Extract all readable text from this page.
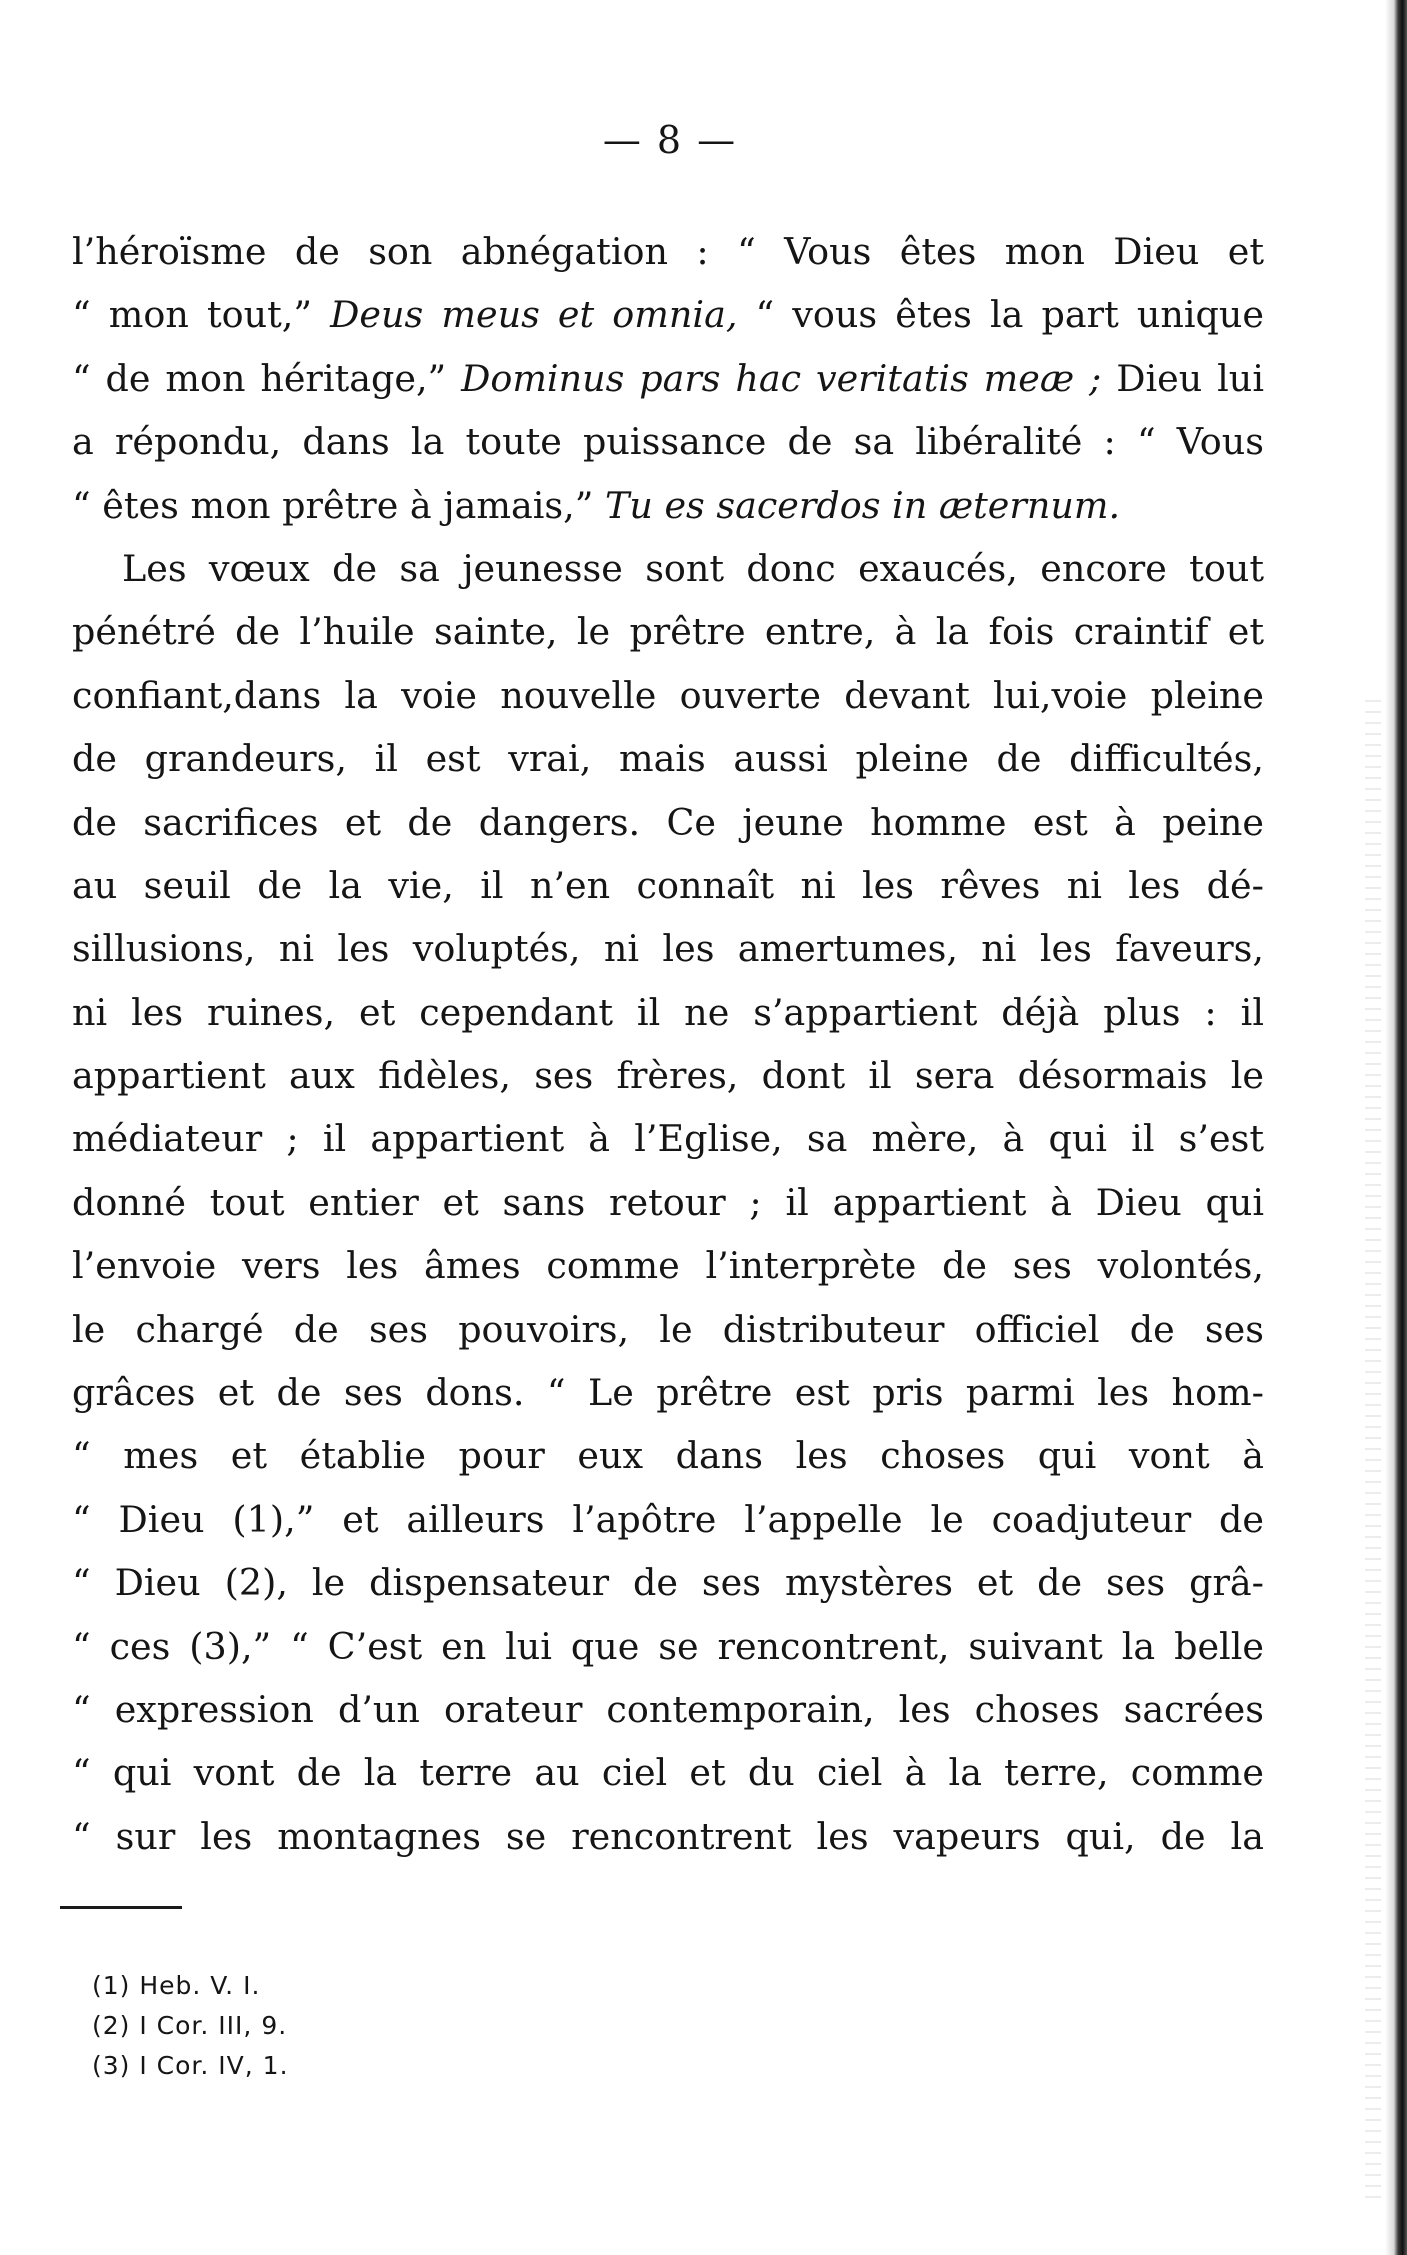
— 8 —
l’héroïsme de son abnégation : “ Vous êtes mon Dieu et
“ mon tout,” Deus meus et omnia, “ vous êtes la part unique
“ de mon héritage,” Dominus pars hac veritatis meæ ; Dieu lui
a répondu, dans la toute puissance de sa libéralité : “ Vous
“ êtes mon prêtre à jamais,” Tu es sacerdos in æternum.
Les vœux de sa jeunesse sont donc exaucés, encore tout
pénétré de l’huile sainte, le prêtre entre, à la fois craintif et
confiant,dans la voie nouvelle ouverte devant lui,voie pleine
de grandeurs, il est vrai, mais aussi pleine de difficultés,
de sacrifices et de dangers. Ce jeune homme est à peine
au seuil de la vie, il n’en connaît ni les rêves ni les dé-
sillusions, ni les voluptés, ni les amertumes, ni les faveurs,
ni les ruines, et cependant il ne s’appartient déjà plus : il
appartient aux fidèles, ses frères, dont il sera désormais le
médiateur ; il appartient à l’Eglise, sa mère, à qui il s’est
donné tout entier et sans retour ; il appartient à Dieu qui
l’envoie vers les âmes comme l’interprète de ses volontés,
le chargé de ses pouvoirs, le distributeur officiel de ses
grâces et de ses dons. “ Le prêtre est pris parmi les hom-
“ mes et établie pour eux dans les choses qui vont à
“ Dieu (1),” et ailleurs l’apôtre l’appelle le coadjuteur de
“ Dieu (2), le dispensateur de ses mystères et de ses grâ-
“ ces (3),” “ C’est en lui que se rencontrent, suivant la belle
“ expression d’un orateur contemporain, les choses sacrées
“ qui vont de la terre au ciel et du ciel à la terre, comme
“ sur les montagnes se rencontrent les vapeurs qui, de la
(1) Heb. V. I.
(2) I Cor. III, 9.
(3) I Cor. IV, 1.
